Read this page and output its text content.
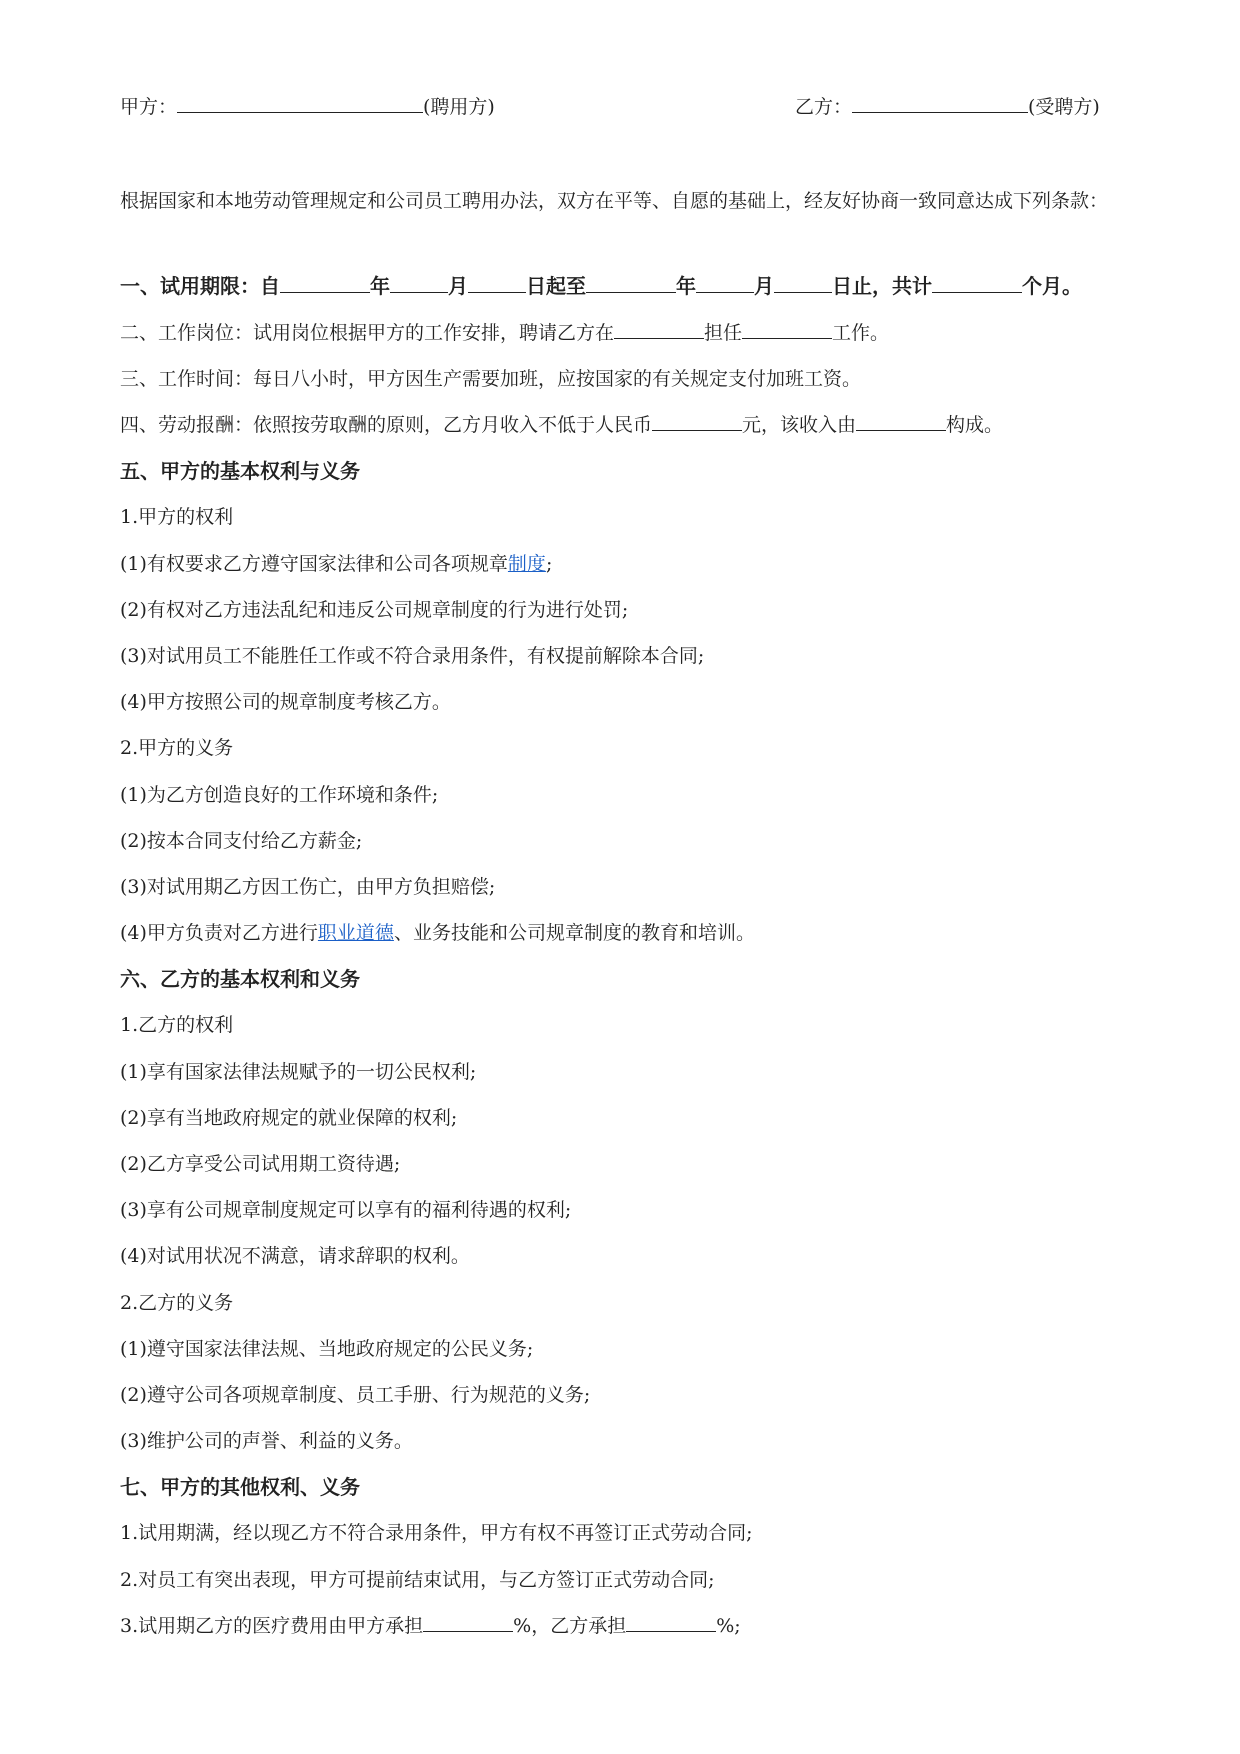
甲方：	(聘用方)	乙方：	(受聘方)
根据国家和本地劳动管理规定和公司员工聘用办法，双方在平等、自愿的基础上，经友好协商一致同意达成下列条款：
一、试用期限：自	年	月	日起至	年	月	日止，共计	个月。
二、工作岗位：试用岗位根据甲方的工作安排，聘请乙方在	担任	工作。
三、工作时间：每日八小时，甲方因生产需要加班，应按国家的有关规定支付加班工资。
四、劳动报酬：依照按劳取酬的原则，乙方月收入不低于人民币	元，该收入由	构成。
五、甲方的基本权利与义务
1.甲方的权利
(1)有权要求乙方遵守国家法律和公司各项规章制度;
(2)有权对乙方违法乱纪和违反公司规章制度的行为进行处罚;
(3)对试用员工不能胜任工作或不符合录用条件，有权提前解除本合同;
(4)甲方按照公司的规章制度考核乙方。
2.甲方的义务
(1)为乙方创造良好的工作环境和条件;
(2)按本合同支付给乙方薪金;
(3)对试用期乙方因工伤亡，由甲方负担赔偿;
(4)甲方负责对乙方进行职业道德、业务技能和公司规章制度的教育和培训。
六、乙方的基本权利和义务
1.乙方的权利
(1)享有国家法律法规赋予的一切公民权利;
(2)享有当地政府规定的就业保障的权利;
(2)乙方享受公司试用期工资待遇;
(3)享有公司规章制度规定可以享有的福利待遇的权利;
(4)对试用状况不满意，请求辞职的权利。
2.乙方的义务
(1)遵守国家法律法规、当地政府规定的公民义务;
(2)遵守公司各项规章制度、员工手册、行为规范的义务;
(3)维护公司的声誉、利益的义务。
七、甲方的其他权利、义务
1.试用期满，经以现乙方不符合录用条件，甲方有权不再签订正式劳动合同;
2.对员工有突出表现，甲方可提前结束试用，与乙方签订正式劳动合同;
3.试用期乙方的医疗费用由甲方承担	%，乙方承担	%;
